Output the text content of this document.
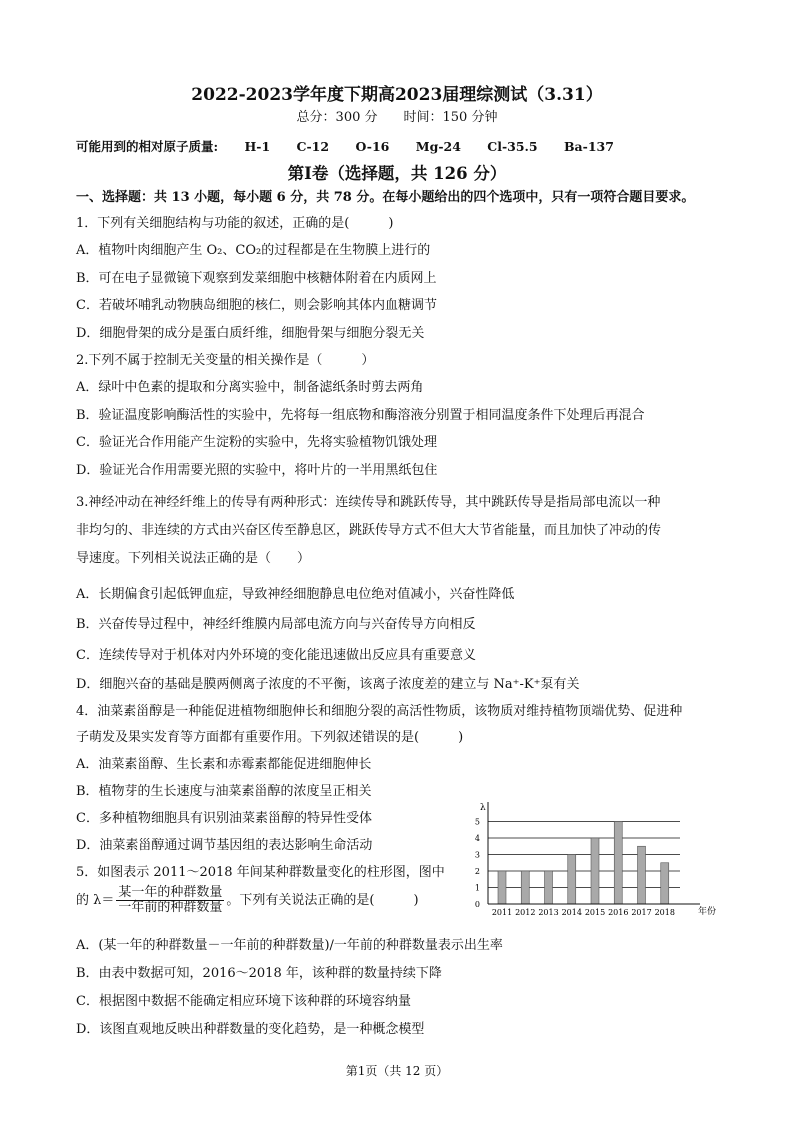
2022-2023学年度下期高2023届理综测试（3.31）
总分：300 分　　时间：150 分钟
可能用到的相对原子质量: H-1 C-12 O-16 Mg-24 Cl-35.5 Ba-137
第Ⅰ卷（选择题，共 126 分）
一、选择题：共 13 小题，每小题 6 分，共 78 分。在每小题给出的四个选项中，只有一项符合题目要求。
1．下列有关细胞结构与功能的叙述，正确的是(　　　)
A．植物叶肉细胞产生 O₂、CO₂的过程都是在生物膜上进行的
B．可在电子显微镜下观察到发菜细胞中核糖体附着在内质网上
C．若破坏哺乳动物胰岛细胞的核仁，则会影响其体内血糖调节
D．细胞骨架的成分是蛋白质纤维，细胞骨架与细胞分裂无关
2.下列不属于控制无关变量的相关操作是（　　　）
A．绿叶中色素的提取和分离实验中，制备滤纸条时剪去两角
B．验证温度影响酶活性的实验中，先将每一组底物和酶溶液分别置于相同温度条件下处理后再混合
C．验证光合作用能产生淀粉的实验中，先将实验植物饥饿处理
D．验证光合作用需要光照的实验中，将叶片的一半用黑纸包住
3.神经冲动在神经纤维上的传导有两种形式：连续传导和跳跃传导，其中跳跃传导是指局部电流以一种
非均匀的、非连续的方式由兴奋区传至静息区，跳跃传导方式不但大大节省能量，而且加快了冲动的传
导速度。下列相关说法正确的是（　　）
A．长期偏食引起低钾血症，导致神经细胞静息电位绝对值减小，兴奋性降低
B．兴奋传导过程中，神经纤维膜内局部电流方向与兴奋传导方向相反
C．连续传导对于机体对内外环境的变化能迅速做出反应具有重要意义
D．细胞兴奋的基础是膜两侧离子浓度的不平衡，该离子浓度差的建立与 Na⁺-K⁺泵有关
4．油菜素甾醇是一种能促进植物细胞伸长和细胞分裂的高活性物质，该物质对维持植物顶端优势、促进种
子萌发及果实发育等方面都有重要作用。下列叙述错误的是(　　　)
A．油菜素甾醇、生长素和赤霉素都能促进细胞伸长
B．植物芽的生长速度与油菜素甾醇的浓度呈正相关
C．多种植物细胞具有识别油菜素甾醇的特异性受体
D．油菜素甾醇通过调节基因组的表达影响生命活动
5．如图表示 2011～2018 年间某种群数量变化的柱形图，图中
的 $\lambda= \frac{\text{某一年的种群数量}}{\text{一年前的种群数量}}$ 。下列有关说法正确的是(　　　)
A．(某一年的种群数量－一年前的种群数量)/一年前的种群数量表示出生率
B．由表中数据可知，2016～2018 年，该种群的数量持续下降
C．根据图中数据不能确定相应环境下该种群的环境容纳量
D．该图直观地反映出种群数量的变化趋势，是一种概念模型
0
1
2
3
4
5
2011 2012 2013 2014 2015 2016 2017 2018
λ
年份
第1页（共 12 页）
